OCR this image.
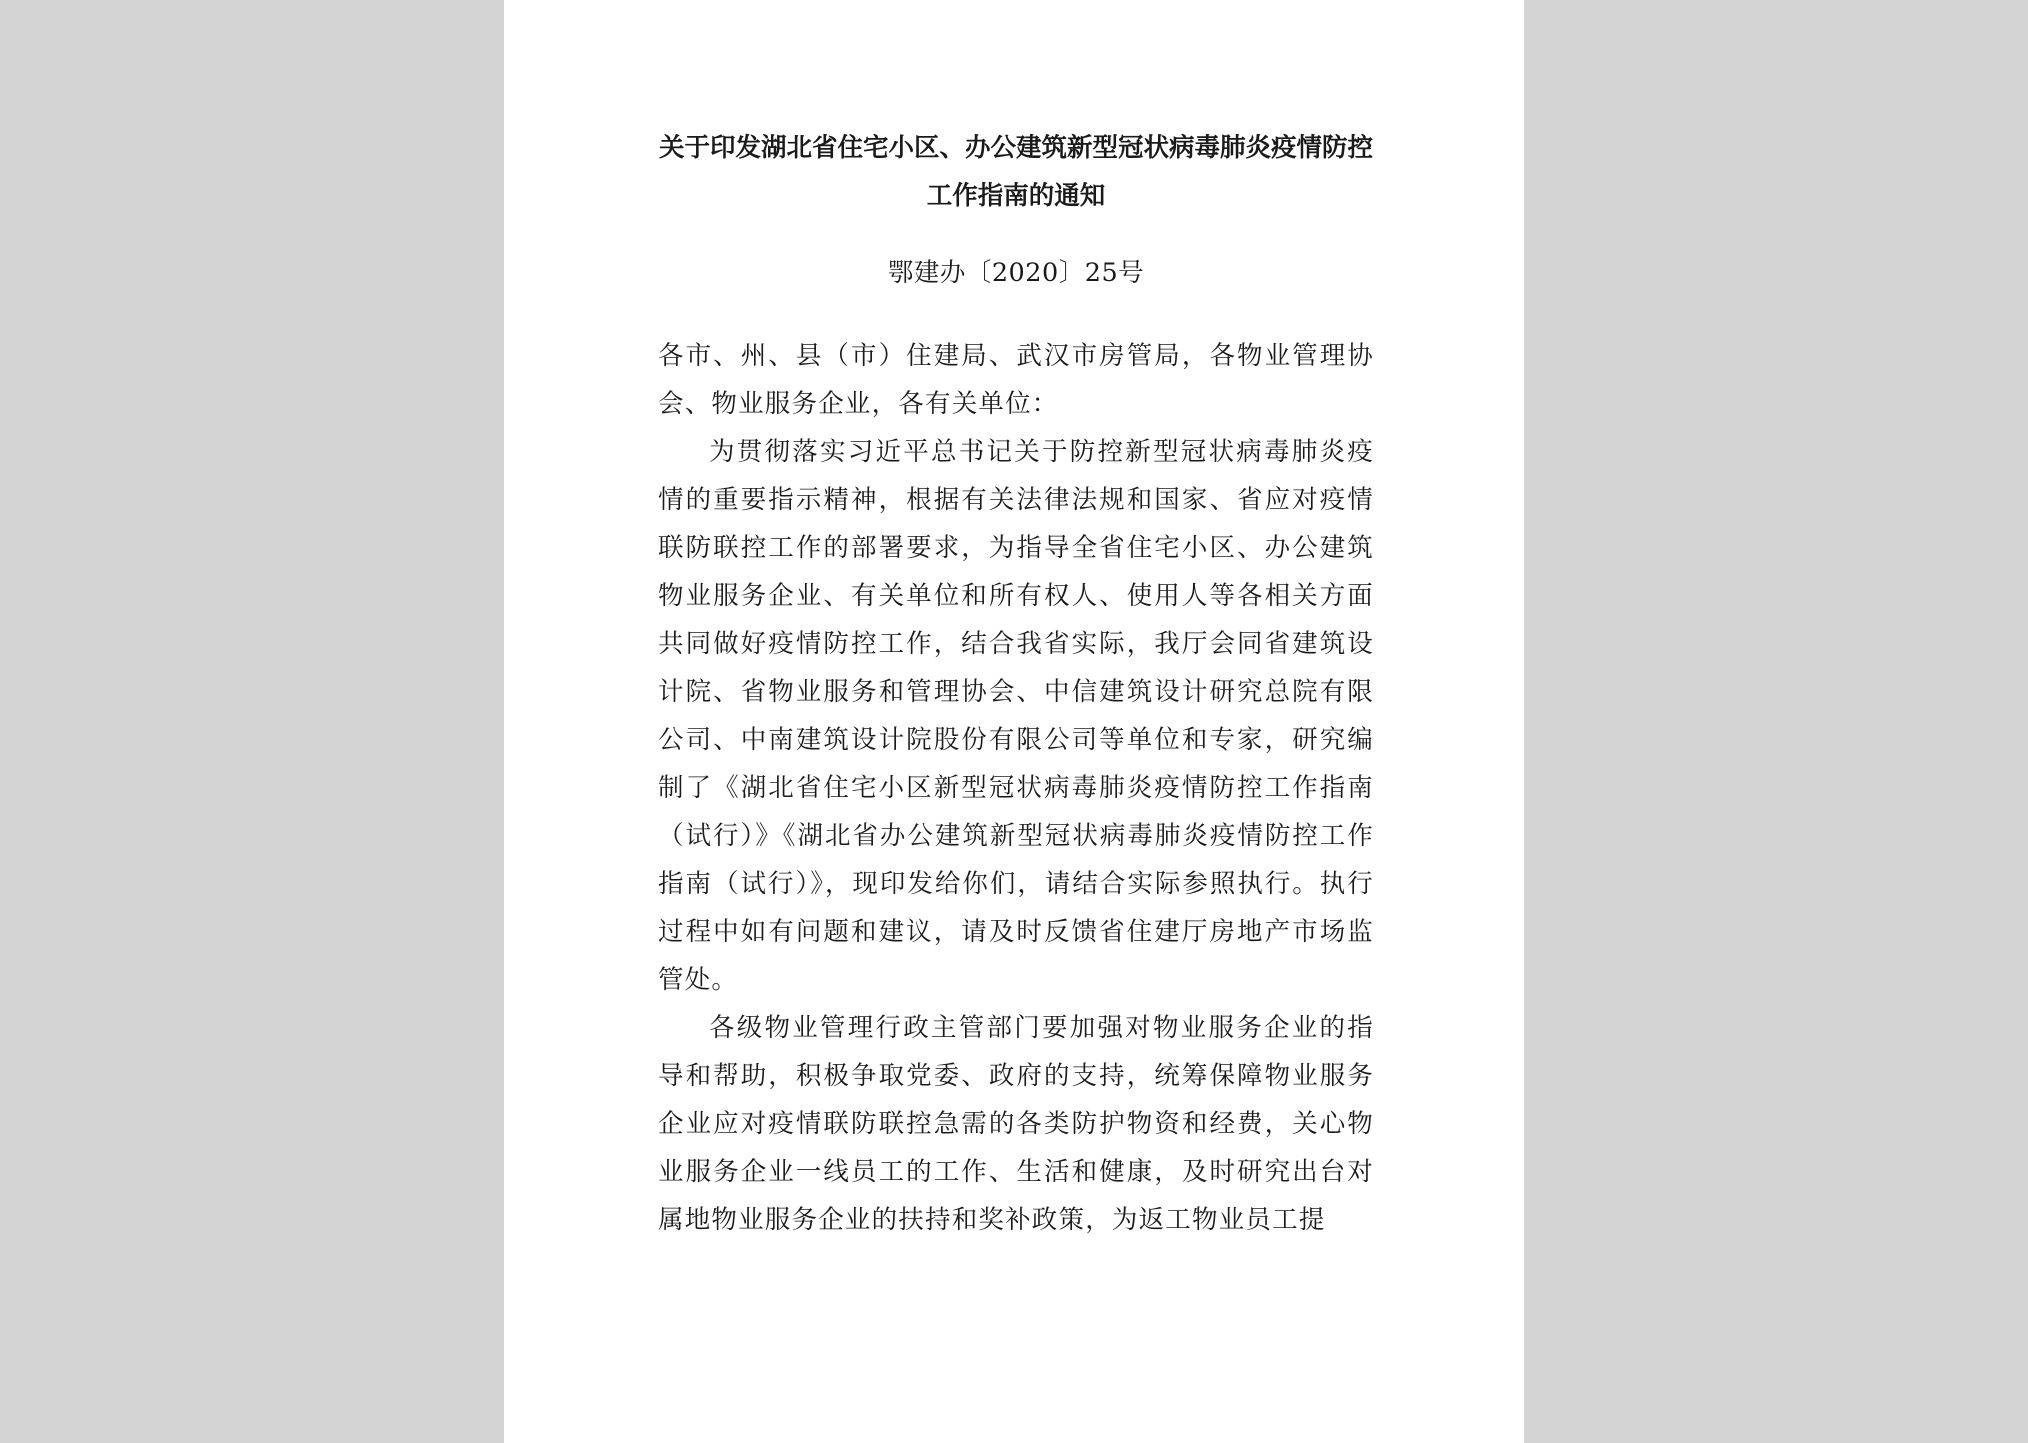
关于印发湖北省住宅小区、办公建筑新型冠状病毒肺炎疫情防控工作指南的通知
鄂建办〔2020〕25号
各市、州、县（市）住建局、武汉市房管局，各物业管理协会、物业服务企业，各有关单位：

为贯彻落实习近平总书记关于防控新型冠状病毒肺炎疫情的重要指示精神，根据有关法律法规和国家、省应对疫情联防联控工作的部署要求，为指导全省住宅小区、办公建筑物业服务企业、有关单位和所有权人、使用人等各相关方面共同做好疫情防控工作，结合我省实际，我厅会同省建筑设计院、省物业服务和管理协会、中信建筑设计研究总院有限公司、中南建筑设计院股份有限公司等单位和专家，研究编制了《湖北省住宅小区新型冠状病毒肺炎疫情防控工作指南（试行）》《湖北省办公建筑新型冠状病毒肺炎疫情防控工作指南（试行）》，现印发给你们，请结合实际参照执行。执行过程中如有问题和建议，请及时反馈省住建厅房地产市场监管处。

各级物业管理行政主管部门要加强对物业服务企业的指导和帮助，积极争取党委、政府的支持，统筹保障物业服务企业应对疫情联防联控急需的各类防护物资和经费，关心物业服务企业一线员工的工作、生活和健康，及时研究出台对属地物业服务企业的扶持和奖补政策，为返工物业员工提
